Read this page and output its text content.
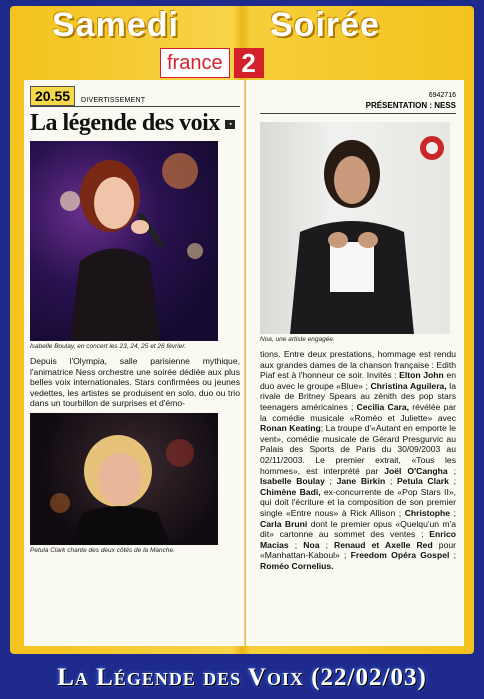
Samedi	Soirée
france 2
20.55	DIVERTISSEMENT
La légende des voix ▪
Isabelle Boulay, en concert les 23, 24, 25 et 26 février.
Depuis l'Olympia, salle parisienne mythique, l'animatrice Ness orchestre une soirée dédiée aux plus belles voix internationales. Stars confirmées ou jeunes vedettes, les artistes se produisent en solo, duo ou trio dans un tourbillon de surprises et d'émo-
Petula Clark chante des deux côtés de la Manche.
6942716
PRÉSENTATION : NESS
Noa, une artiste engagée.
tions. Entre deux prestations, hommage est rendu aux grandes dames de la chanson française : Edith Piaf est à l'honneur ce soir. Invités : Elton John en duo avec le groupe «Blue» ; Christina Aguilera, la rivale de Britney Spears au zénith des pop stars teenagers américaines ; Cecilia Cara, révélée par la comédie musicale «Roméo et Juliette» avec Ronan Keating; La troupe d'«Autant en emporte le vent», comédie musicale de Gérard Presgurvic au Palais des Sports de Paris du 30/09/2003 au 02/11/2003. Le premier extrait, «Tous les hommes», est interprété par Joël O'Cangha ; Isabelle Boulay ; Jane Birkin ; Petula Clark ; Chimène Badi, ex-concurrente de «Pop Stars II», qui doit l'écriture et la composition de son premier single «Entre nous» à Rick Allison ; Christophe ; Carla Bruni dont le premier opus «Quelqu'un m'a dit» cartonne au sommet des ventes ; Enrico Macias ; Noa ; Renaud et Axelle Red pour «Manhattan-Kaboul» ; Freedom Opéra Gospel ; Roméo Cornelius.
La Légende des Voix (22/02/03)
